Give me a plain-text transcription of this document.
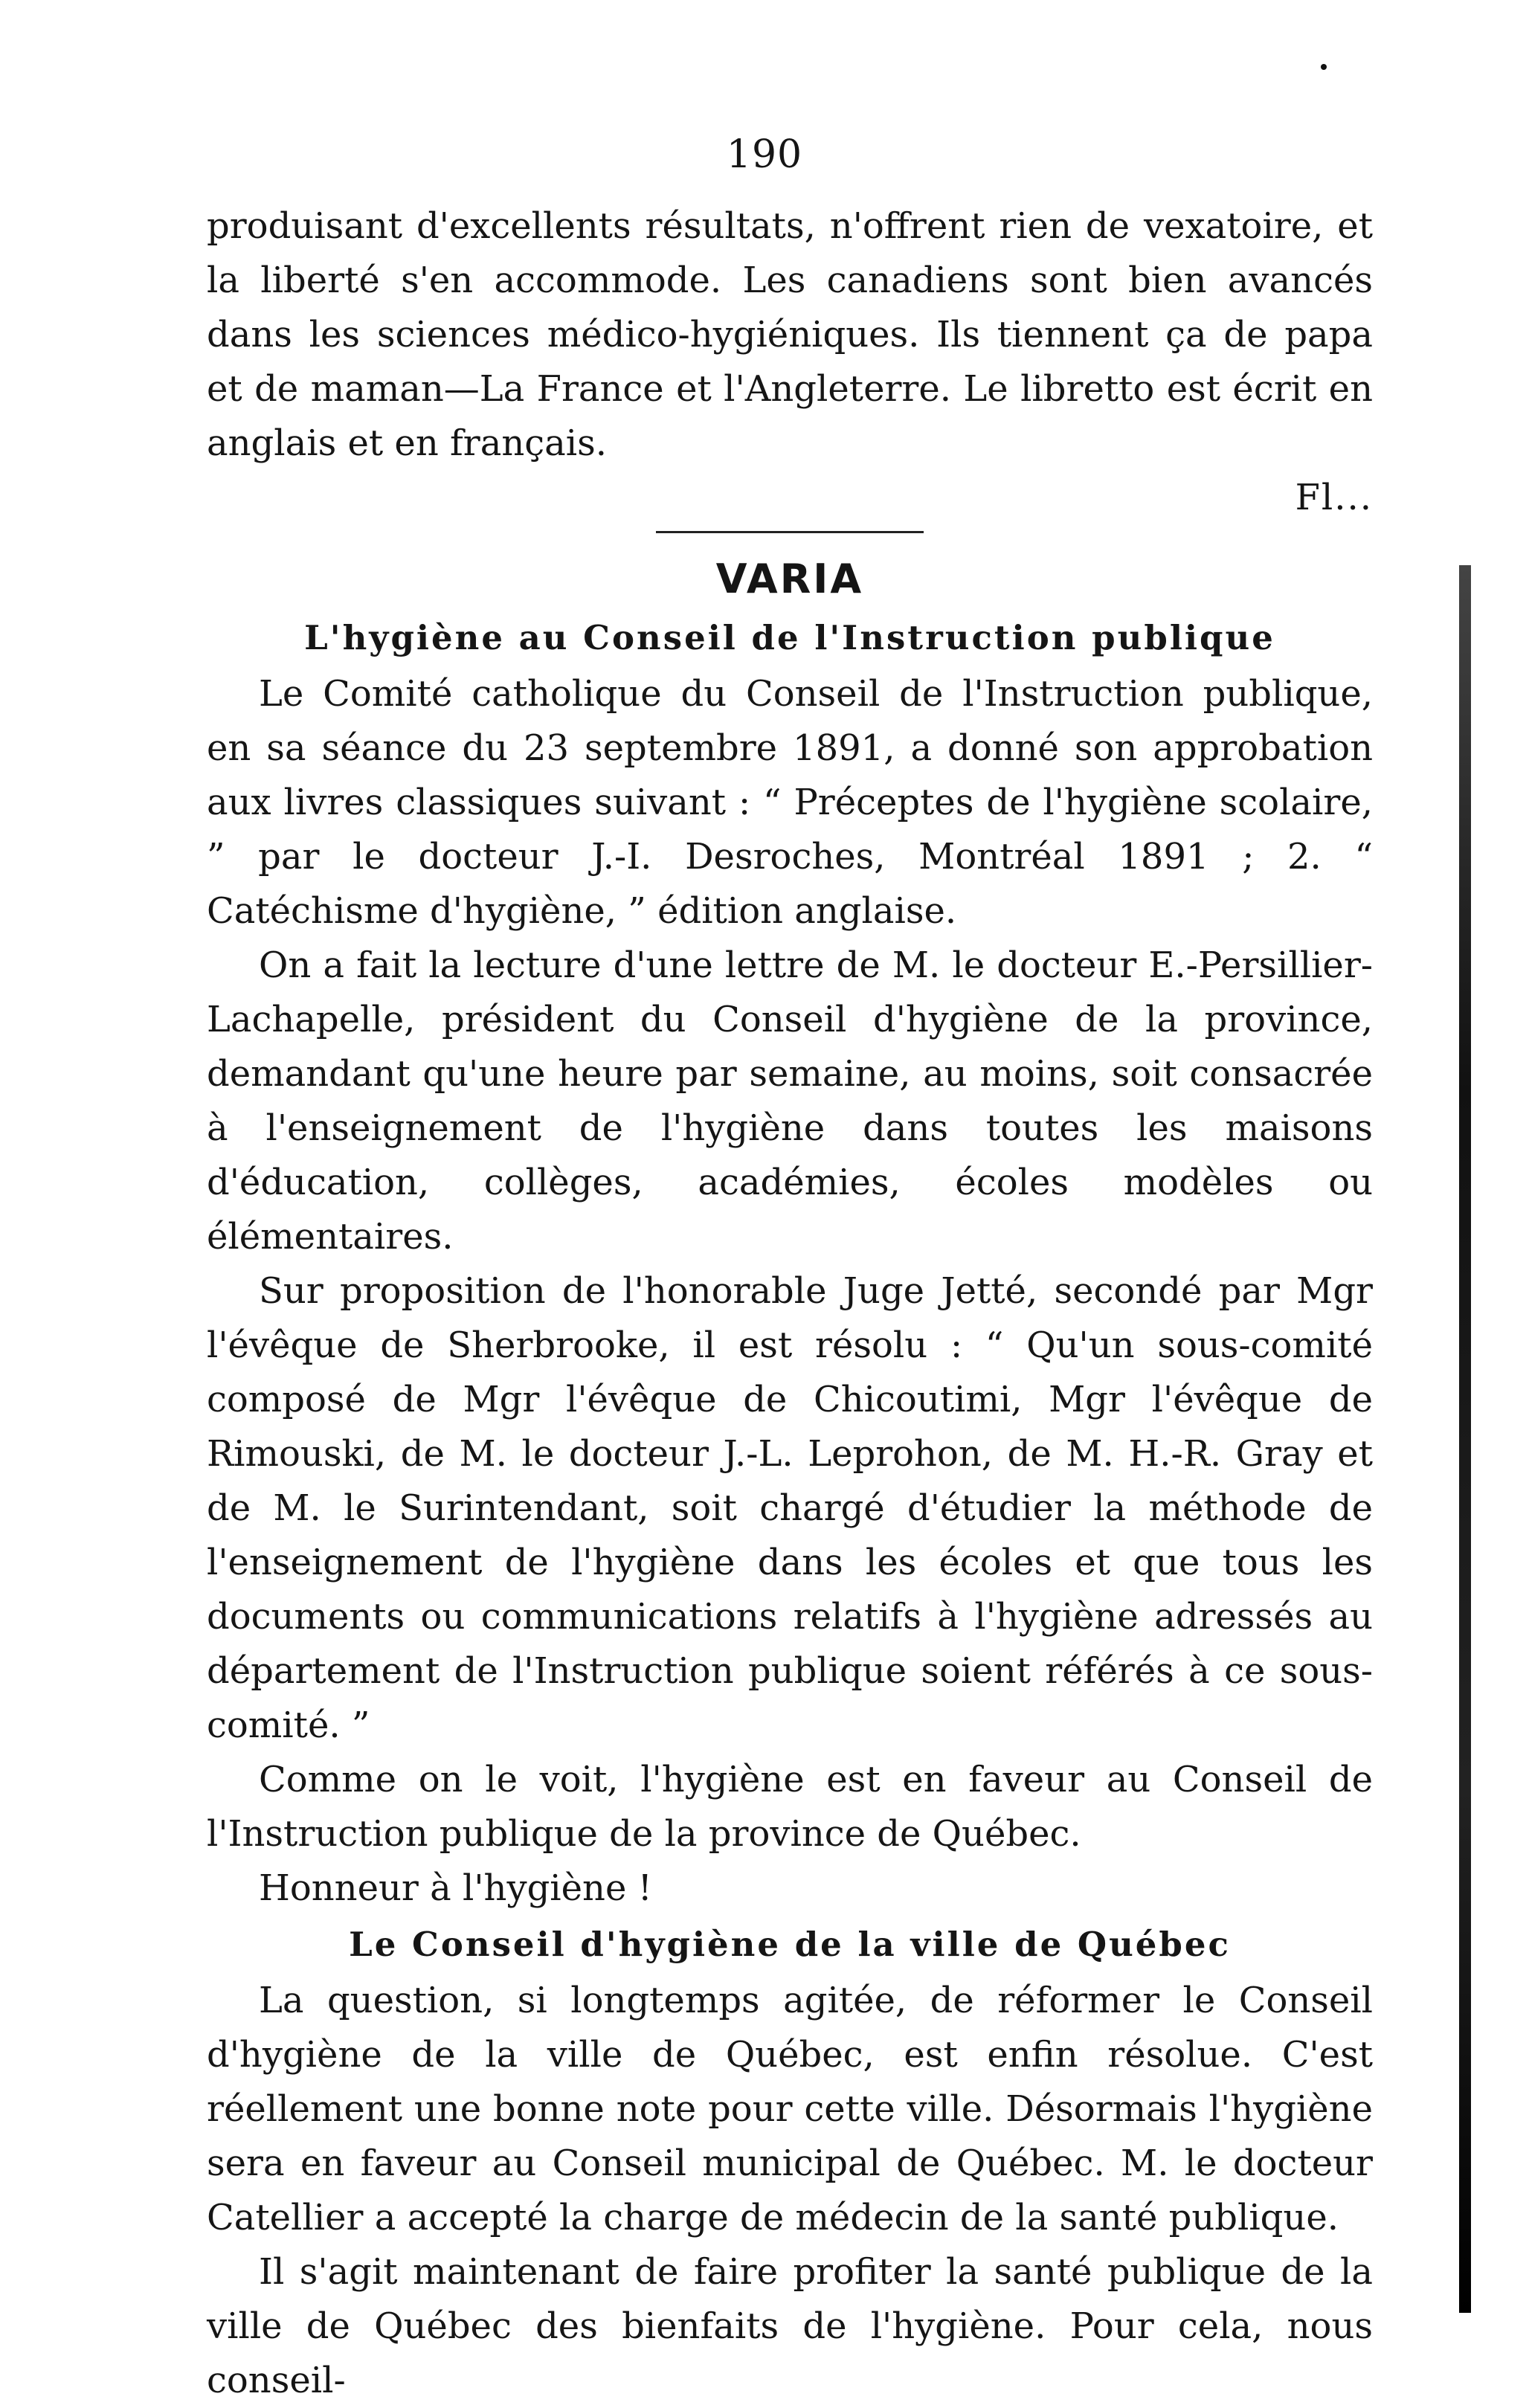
190

produisant d'excellents résultats, n'offrent rien de vexatoire, et la liberté s'en accommode. Les canadiens sont bien avancés dans les sciences médico-hygiéniques. Ils tiennent ça de papa et de maman—La France et l'Angleterre. Le libretto est écrit en anglais et en français.

Fl...

VARIA
L'hygiène au Conseil de l'Instruction publique

Le Comité catholique du Conseil de l'Instruction publique, en sa séance du 23 septembre 1891, a donné son approbation aux livres classiques suivant : “ Préceptes de l'hygiène scolaire, ” par le docteur J.-I. Desroches, Montréal 1891 ; 2. “ Catéchisme d'hygiène, ” édition anglaise.

On a fait la lecture d'une lettre de M. le docteur E.-Persillier-Lachapelle, président du Conseil d'hygiène de la province, demandant qu'une heure par semaine, au moins, soit consacrée à l'enseignement de l'hygiène dans toutes les maisons d'éducation, collèges, académies, écoles modèles ou élémentaires.

Sur proposition de l'honorable Juge Jetté, secondé par Mgr l'évêque de Sherbrooke, il est résolu : “ Qu'un sous-comité composé de Mgr l'évêque de Chicoutimi, Mgr l'évêque de Rimouski, de M. le docteur J.-L. Leprohon, de M. H.-R. Gray et de M. le Surintendant, soit chargé d'étudier la méthode de l'enseignement de l'hygiène dans les écoles et que tous les documents ou communications relatifs à l'hygiène adressés au département de l'Instruction publique soient référés à ce sous-comité. ”

Comme on le voit, l'hygiène est en faveur au Conseil de l'Instruction publique de la province de Québec.

Honneur à l'hygiène !

Le Conseil d'hygiène de la ville de Québec

La question, si longtemps agitée, de réformer le Conseil d'hygiène de la ville de Québec, est enfin résolue. C'est réellement une bonne note pour cette ville. Désormais l'hygiène sera en faveur au Conseil municipal de Québec. M. le docteur Catellier a accepté la charge de médecin de la santé publique.

Il s'agit maintenant de faire profiter la santé publique de la ville de Québec des bienfaits de l'hygiène. Pour cela, nous conseil-
